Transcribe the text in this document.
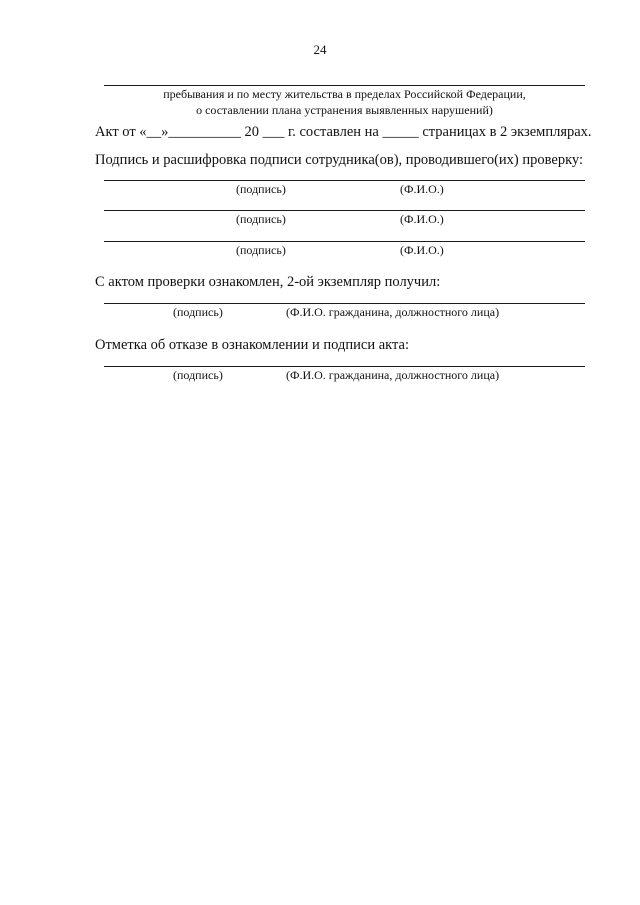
24
пребывания и по месту жительства в пределах Российской Федерации,
о составлении плана устранения выявленных нарушений)
Акт от «__»__________ 20 ___ г. составлен на _____ страницах в 2 экземплярах.
Подпись и расшифровка подписи сотрудника(ов), проводившего(их) проверку:
(подпись)	(Ф.И.О.)
(подпись)	(Ф.И.О.)
(подпись)	(Ф.И.О.)
С актом проверки ознакомлен, 2-ой экземпляр получил:
(подпись)	(Ф.И.О. гражданина, должностного лица)
Отметка об отказе в ознакомлении и подписи акта:
(подпись)	(Ф.И.О. гражданина, должностного лица)
